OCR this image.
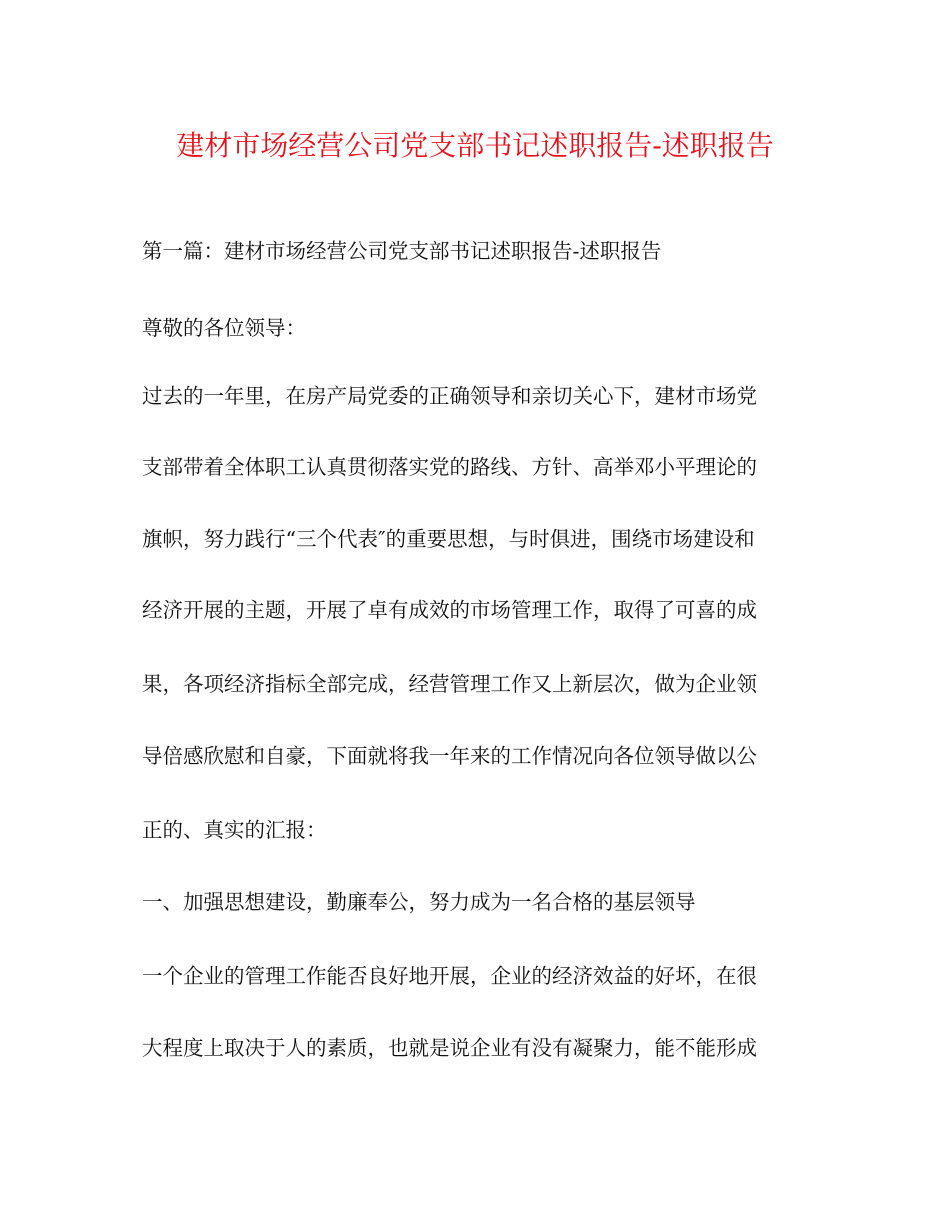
建材市场经营公司党支部书记述职报告-述职报告
第一篇：建材市场经营公司党支部书记述职报告-述职报告
尊敬的各位领导：
过去的一年里，在房产局党委的正确领导和亲切关心下，建材市场党
支部带着全体职工认真贯彻落实党的路线、方针、高举邓小平理论的
旗帜，努力践行“三个代表″的重要思想，与时俱进，围绕市场建设和
经济开展的主题，开展了卓有成效的市场管理工作，取得了可喜的成
果，各项经济指标全部完成，经营管理工作又上新层次，做为企业领
导倍感欣慰和自豪，下面就将我一年来的工作情况向各位领导做以公
正的、真实的汇报：
一、加强思想建设，勤廉奉公，努力成为一名合格的基层领导
一个企业的管理工作能否良好地开展，企业的经济效益的好坏，在很
大程度上取决于人的素质，也就是说企业有没有凝聚力，能不能形成
